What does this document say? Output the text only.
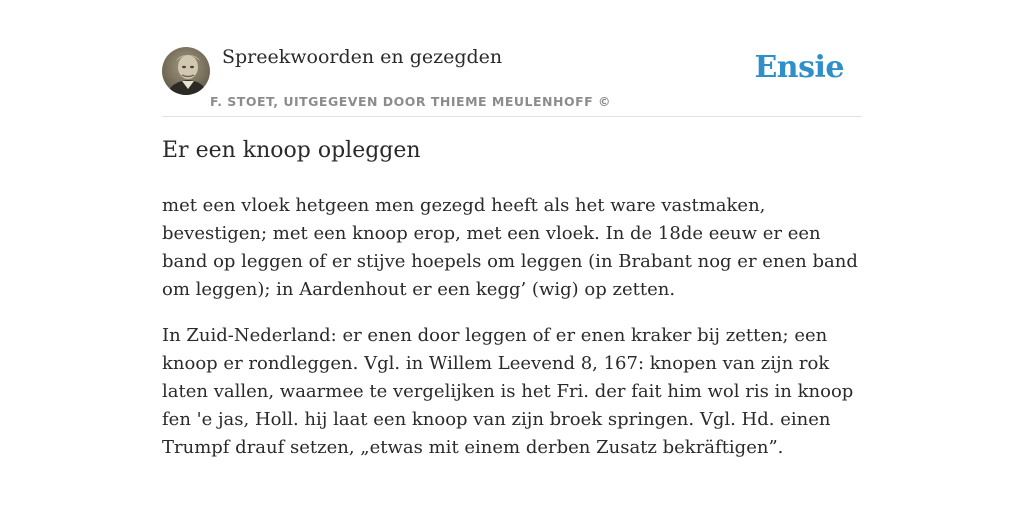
Spreekwoorden en gezegden
F. STOET, UITGEGEVEN DOOR THIEME MEULENHOFF ©
Ensie
Er een knoop opleggen

met een vloek hetgeen men gezegd heeft als het ware vastmaken, bevestigen; met een knoop erop, met een vloek. In de 18de eeuw er een band op leggen of er stijve hoepels om leggen (in Brabant nog er enen band om leggen); in Aardenhout er een kegg’ (wig) op zetten.

In Zuid-Nederland: er enen door leggen of er enen kraker bij zetten; een knoop er rondleggen. Vgl. in Willem Leevend 8, 167: knopen van zijn rok laten vallen, waarmee te vergelijken is het Fri. der fait him wol ris in knoop fen 'e jas, Holl. hij laat een knoop van zijn broek springen. Vgl. Hd. einen Trumpf drauf setzen, „etwas mit einem derben Zusatz bekräftigen”.
